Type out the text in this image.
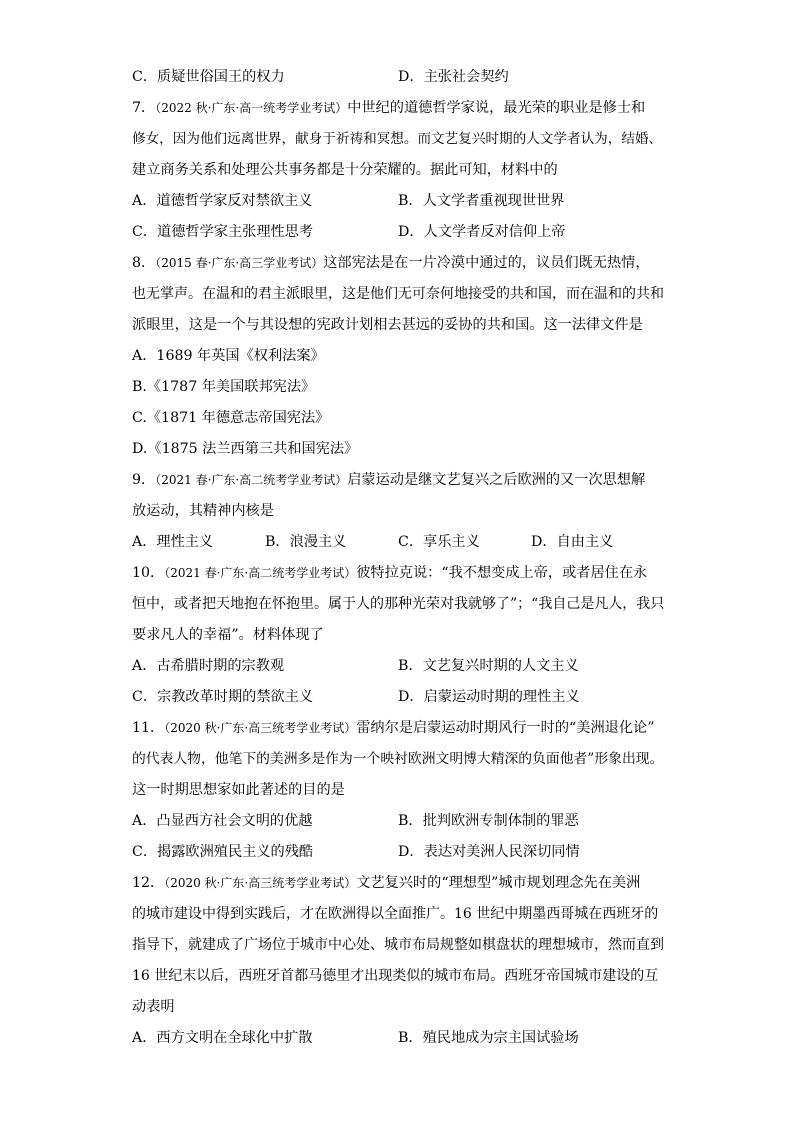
C．质疑世俗国王的权力	D．主张社会契约
7．（2022 秋·广东·高一统考学业考试）中世纪的道德哲学家说，最光荣的职业是修士和
修女，因为他们远离世界，献身于祈祷和冥想。而文艺复兴时期的人文学者认为，结婚、
建立商务关系和处理公共事务都是十分荣耀的。据此可知，材料中的
A．道德哲学家反对禁欲主义	B．人文学者重视现世世界
C．道德哲学家主张理性思考	D．人文学者反对信仰上帝
8．（2015 春·广东·高三学业考试）这部宪法是在一片冷漠中通过的，议员们既无热情，
也无掌声。在温和的君主派眼里，这是他们无可奈何地接受的共和国，而在温和的共和
派眼里，这是一个与其设想的宪政计划相去甚远的妥协的共和国。这一法律文件是
A．1689 年英国《权利法案》
B.《1787 年美国联邦宪法》
C.《1871 年德意志帝国宪法》
D.《1875 法兰西第三共和国宪法》
9．（2021 春·广东·高二统考学业考试）启蒙运动是继文艺复兴之后欧洲的又一次思想解
放运动，其精神内核是
A．理性主义	B．浪漫主义	C．享乐主义	D．自由主义
10．（2021 春·广东·高二统考学业考试）彼特拉克说：“我不想变成上帝，或者居住在永
恒中，或者把天地抱在怀抱里。属于人的那种光荣对我就够了”；“我自己是凡人，我只
要求凡人的幸福”。材料体现了
A．古希腊时期的宗教观	B．文艺复兴时期的人文主义
C．宗教改革时期的禁欲主义	D．启蒙运动时期的理性主义
11．（2020 秋·广东·高三统考学业考试）雷纳尔是启蒙运动时期风行一时的“美洲退化论”
的代表人物，他笔下的美洲多是作为一个映衬欧洲文明博大精深的负面他者”形象出现。
这一时期思想家如此著述的目的是
A．凸显西方社会文明的优越	B．批判欧洲专制体制的罪恶
C．揭露欧洲殖民主义的残酷	D．表达对美洲人民深切同情
12．（2020 秋·广东·高三统考学业考试）文艺复兴时的“理想型”城市规划理念先在美洲
的城市建设中得到实践后，才在欧洲得以全面推广。16 世纪中期墨西哥城在西班牙的
指导下，就建成了广场位于城市中心处、城市布局规整如棋盘状的理想城市，然而直到
16 世纪末以后，西班牙首都马德里才出现类似的城市布局。西班牙帝国城市建设的互
动表明
A．西方文明在全球化中扩散	B．殖民地成为宗主国试验场
